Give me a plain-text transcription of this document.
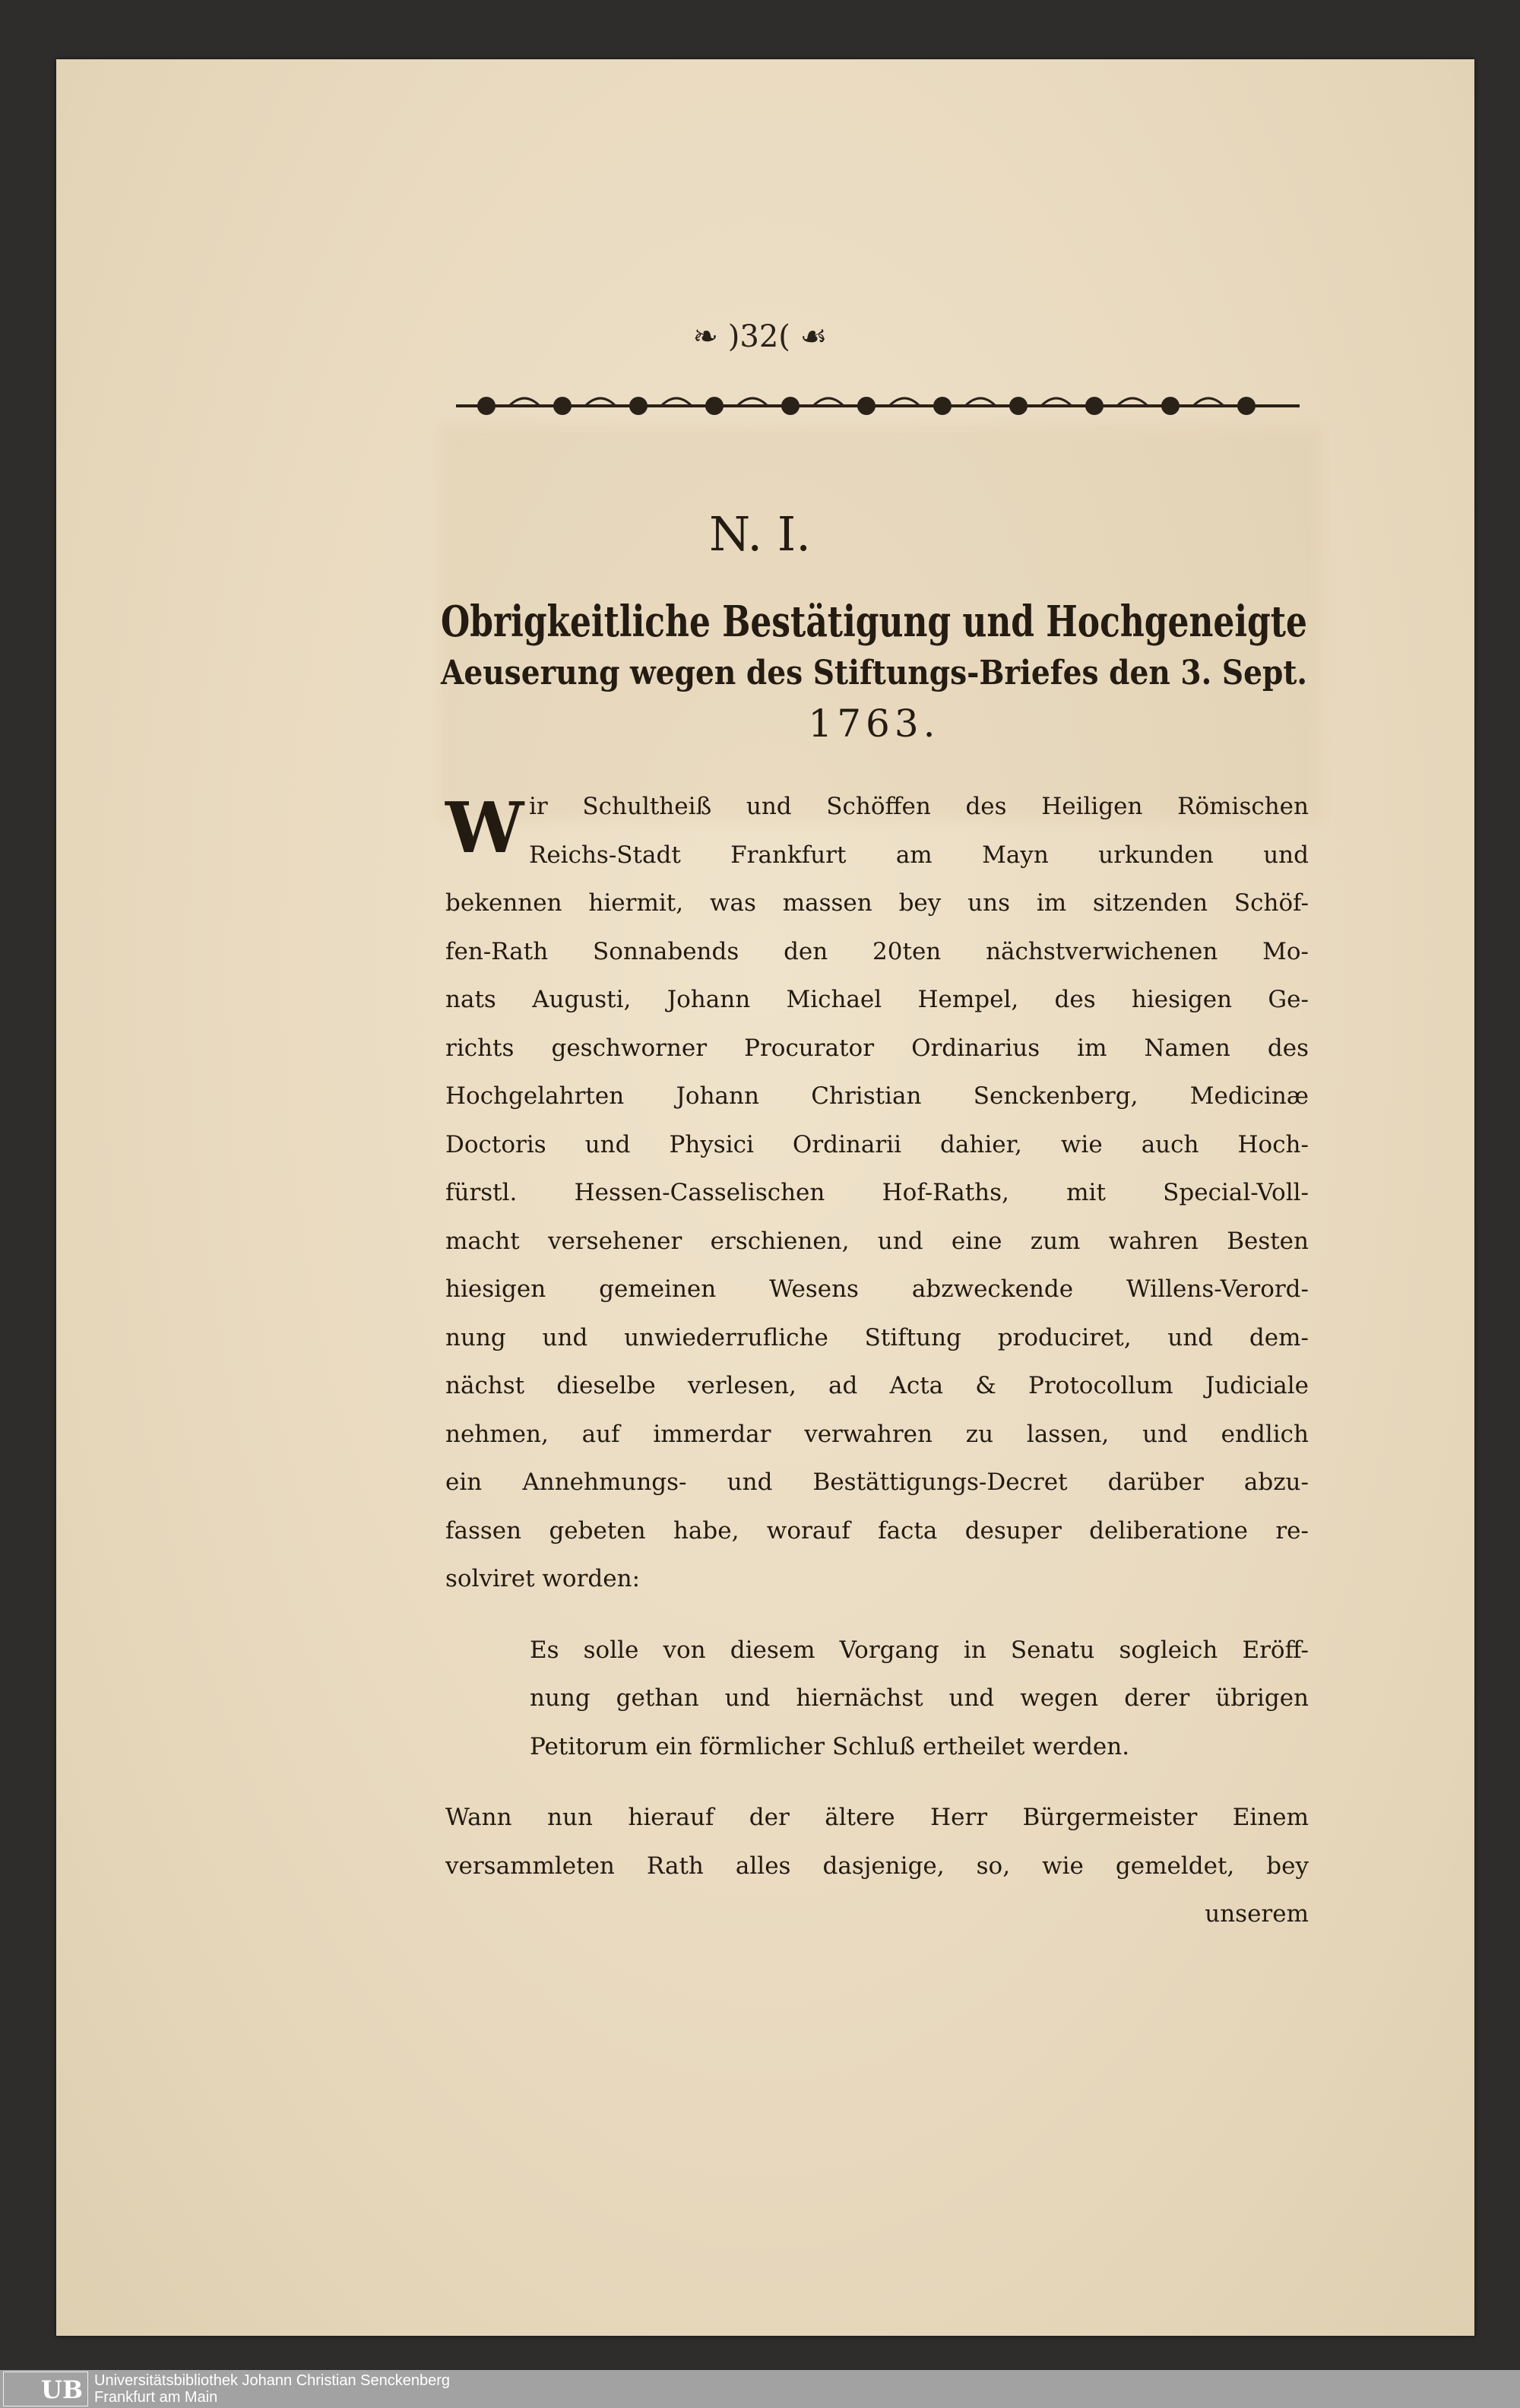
❧ )32( ☙
N. I.
Obrigkeitliche Bestätigung und Hochgeneigte
Aeuserung wegen des Stiftungs-Briefes den 3. Sept.
1763.
W ir Schultheiß und Schöffen des Heiligen Römischen
Reichs-Stadt Frankfurt am Mayn urkunden und
bekennen hiermit, was massen bey uns im sitzenden Schöf-
fen-Rath Sonnabends den 20ten nächstverwichenen Mo-
nats Augusti, Johann Michael Hempel, des hiesigen Ge-
richts geschworner Procurator Ordinarius im Namen des
Hochgelahrten Johann Christian Senckenberg, Medicinæ
Doctoris und Physici Ordinarii dahier, wie auch Hoch-
fürstl. Hessen-Casselischen Hof-Raths, mit Special-Voll-
macht versehener erschienen, und eine zum wahren Besten
hiesigen gemeinen Wesens abzweckende Willens-Verord-
nung und unwiederrufliche Stiftung produciret, und dem-
nächst dieselbe verlesen, ad Acta & Protocollum Judiciale
nehmen, auf immerdar verwahren zu lassen, und endlich
ein Annehmungs- und Bestättigungs-Decret darüber abzu-
fassen gebeten habe, worauf facta desuper deliberatione re-
solviret worden:
Es solle von diesem Vorgang in Senatu sogleich Eröff-
nung gethan und hiernächst und wegen derer übrigen
Petitorum ein förmlicher Schluß ertheilet werden.
Wann nun hierauf der ältere Herr Bürgermeister Einem
versammleten Rath alles dasjenige, so, wie gemeldet, bey
unserem
UB Universitätsbibliothek Johann Christian Senckenberg
Frankfurt am Main
